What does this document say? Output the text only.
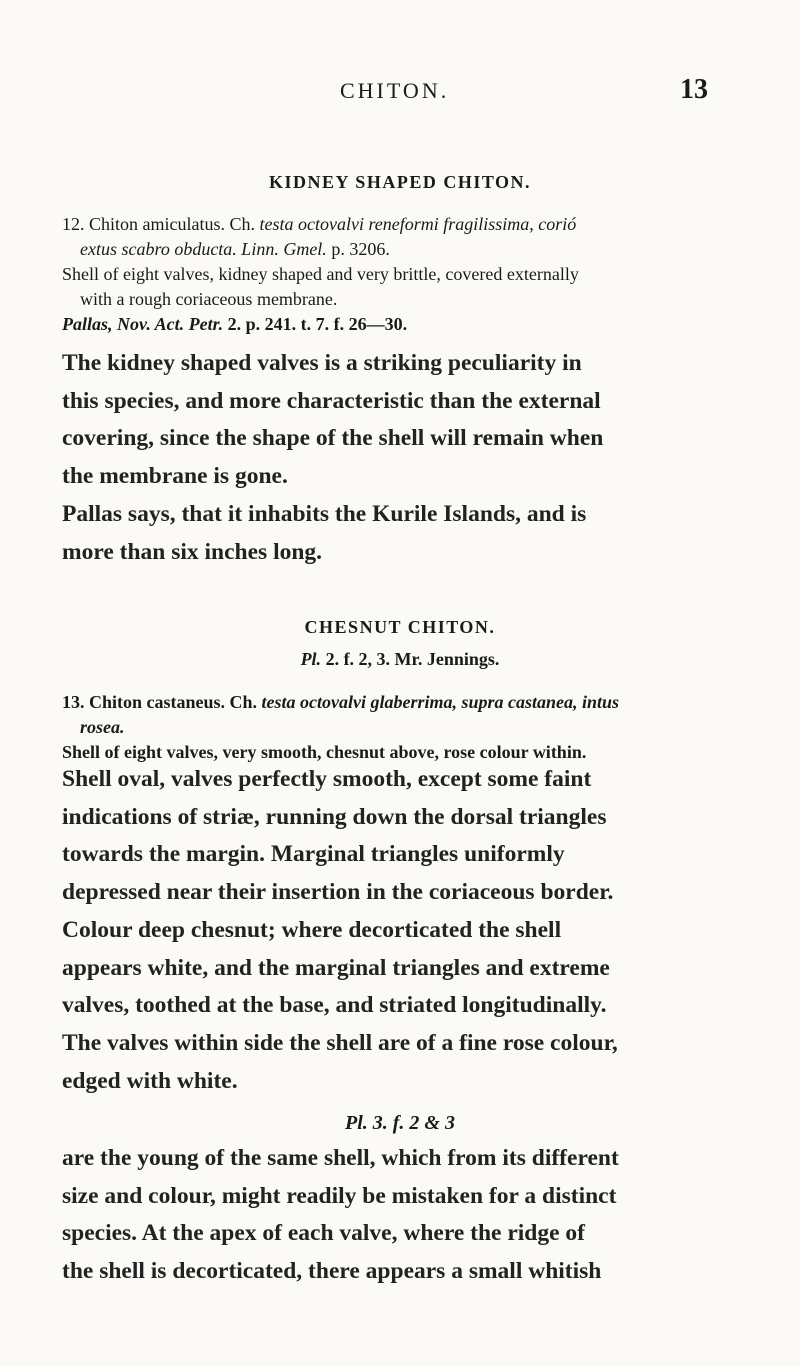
CHITON.	13
KIDNEY SHAPED CHITON.
12. Chiton amiculatus. Ch. testa octovalvi reneformi fragilissima, corió
extus scabro obducta. Linn. Gmel. p. 3206.
Shell of eight valves, kidney shaped and very brittle, covered externally
with a rough coriaceous membrane.
Pallas, Nov. Act. Petr. 2. p. 241. t. 7. f. 26—30.
The kidney shaped valves is a striking peculiarity in
this species, and more characteristic than the external
covering, since the shape of the shell will remain when
the membrane is gone.
Pallas says, that it inhabits the Kurile Islands, and is
more than six inches long.
CHESNUT CHITON.
Pl. 2. f. 2, 3. Mr. Jennings.
13. Chiton castaneus. Ch. testa octovalvi glaberrima, supra castanea, intus
rosea.
Shell of eight valves, very smooth, chesnut above, rose colour within.
Shell oval, valves perfectly smooth, except some faint
indications of striæ, running down the dorsal triangles
towards the margin. Marginal triangles uniformly
depressed near their insertion in the coriaceous border.
Colour deep chesnut; where decorticated the shell
appears white, and the marginal triangles and extreme
valves, toothed at the base, and striated longitudinally.
The valves within side the shell are of a fine rose colour,
edged with white.
Pl. 3. f. 2 & 3
are the young of the same shell, which from its different
size and colour, might readily be mistaken for a distinct
species. At the apex of each valve, where the ridge of
the shell is decorticated, there appears a small whitish
